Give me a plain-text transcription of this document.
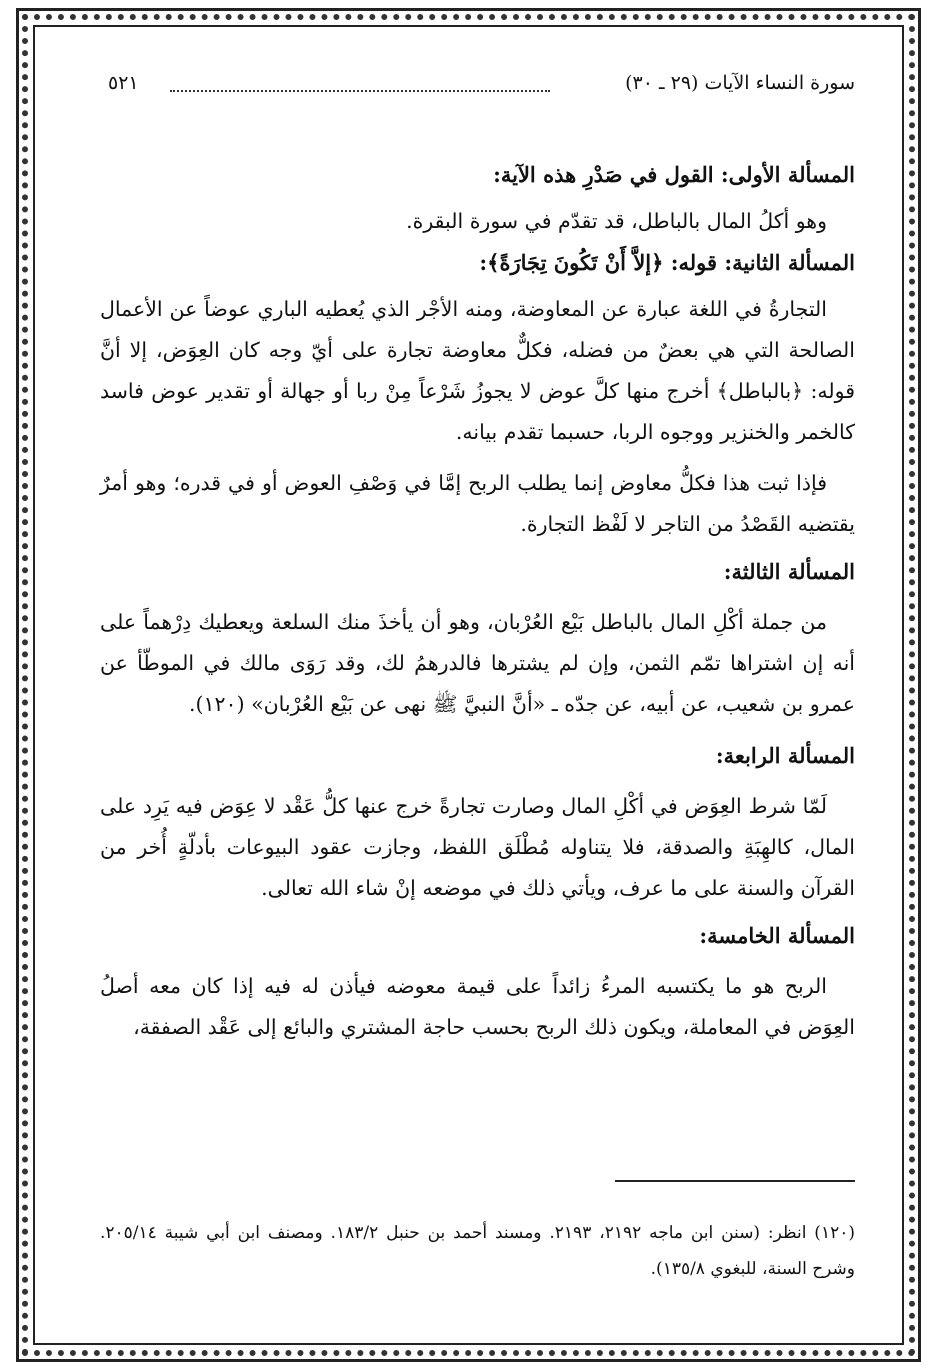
سورة النساء الآيات (٢٩ ـ ٣٠)
٥٢١

المسألة الأولى: القول في صَدْرِ هذه الآية:

وهو أكلُ المال بالباطل، قد تقدّم في سورة البقرة.

المسألة الثانية: قوله: ﴿إلاَّ أَنْ تَكُونَ تِجَارَةً﴾:

التجارةُ في اللغة عبارة عن المعاوضة، ومنه الأجْر الذي يُعطيه الباري عوضاً عن الأعمال الصالحة التي هي بعضٌ من فضله، فكلٌّ معاوضة تجارة على أيّ وجه كان العِوَض، إلا أنَّ قوله: ﴿بالباطل﴾ أخرج منها كلَّ عوض لا يجوزُ شَرْعاً مِنْ ربا أو جهالة أو تقدير عوض فاسد كالخمر والخنزير ووجوه الربا، حسبما تقدم بيانه.

فإذا ثبت هذا فكلُّ معاوض إنما يطلب الربح إمَّا في وَصْفِ العوض أو في قدره؛ وهو أمرٌ يقتضيه القَصْدُ من التاجر لا لَفْظ التجارة.

المسألة الثالثة:

من جملة أكْلِ المال بالباطل بَيْع العُرْبان، وهو أن يأخذَ منك السلعة ويعطيك دِرْهماً على أنه إن اشتراها تمّم الثمن، وإن لم يشترها فالدرهمُ لك، وقد رَوَى مالك في الموطّأ عن عمرو بن شعيب، عن أبيه، عن جدّه ـ «أنَّ النبيَّ ﷺ نهى عن بَيْع العُرْبان» (١٢٠).

المسألة الرابعة:

لَمّا شرط العِوَض في أكْلِ المال وصارت تجارةً خرج عنها كلُّ عَقْد لا عِوَض فيه يَرِد على المال، كالهِبَةِ والصدقة، فلا يتناوله مُطْلَق اللفظ، وجازت عقود البيوعات بأدلّةٍ أُخر من القرآن والسنة على ما عرف، ويأتي ذلك في موضعه إنْ شاء الله تعالى.

المسألة الخامسة:

الربح هو ما يكتسبه المرءُ زائداً على قيمة معوضه فيأذن له فيه إذا كان معه أصلُ العِوَض في المعاملة، ويكون ذلك الربح بحسب حاجة المشتري والبائع إلى عَقْد الصفقة،

(١٢٠) انظر: (سنن ابن ماجه ٢١٩٢، ٢١٩٣. ومسند أحمد بن حنبل ١٨٣/٢. ومصنف ابن أبي شيبة ٢٠٥/١٤. وشرح السنة، للبغوي ١٣٥/٨).
